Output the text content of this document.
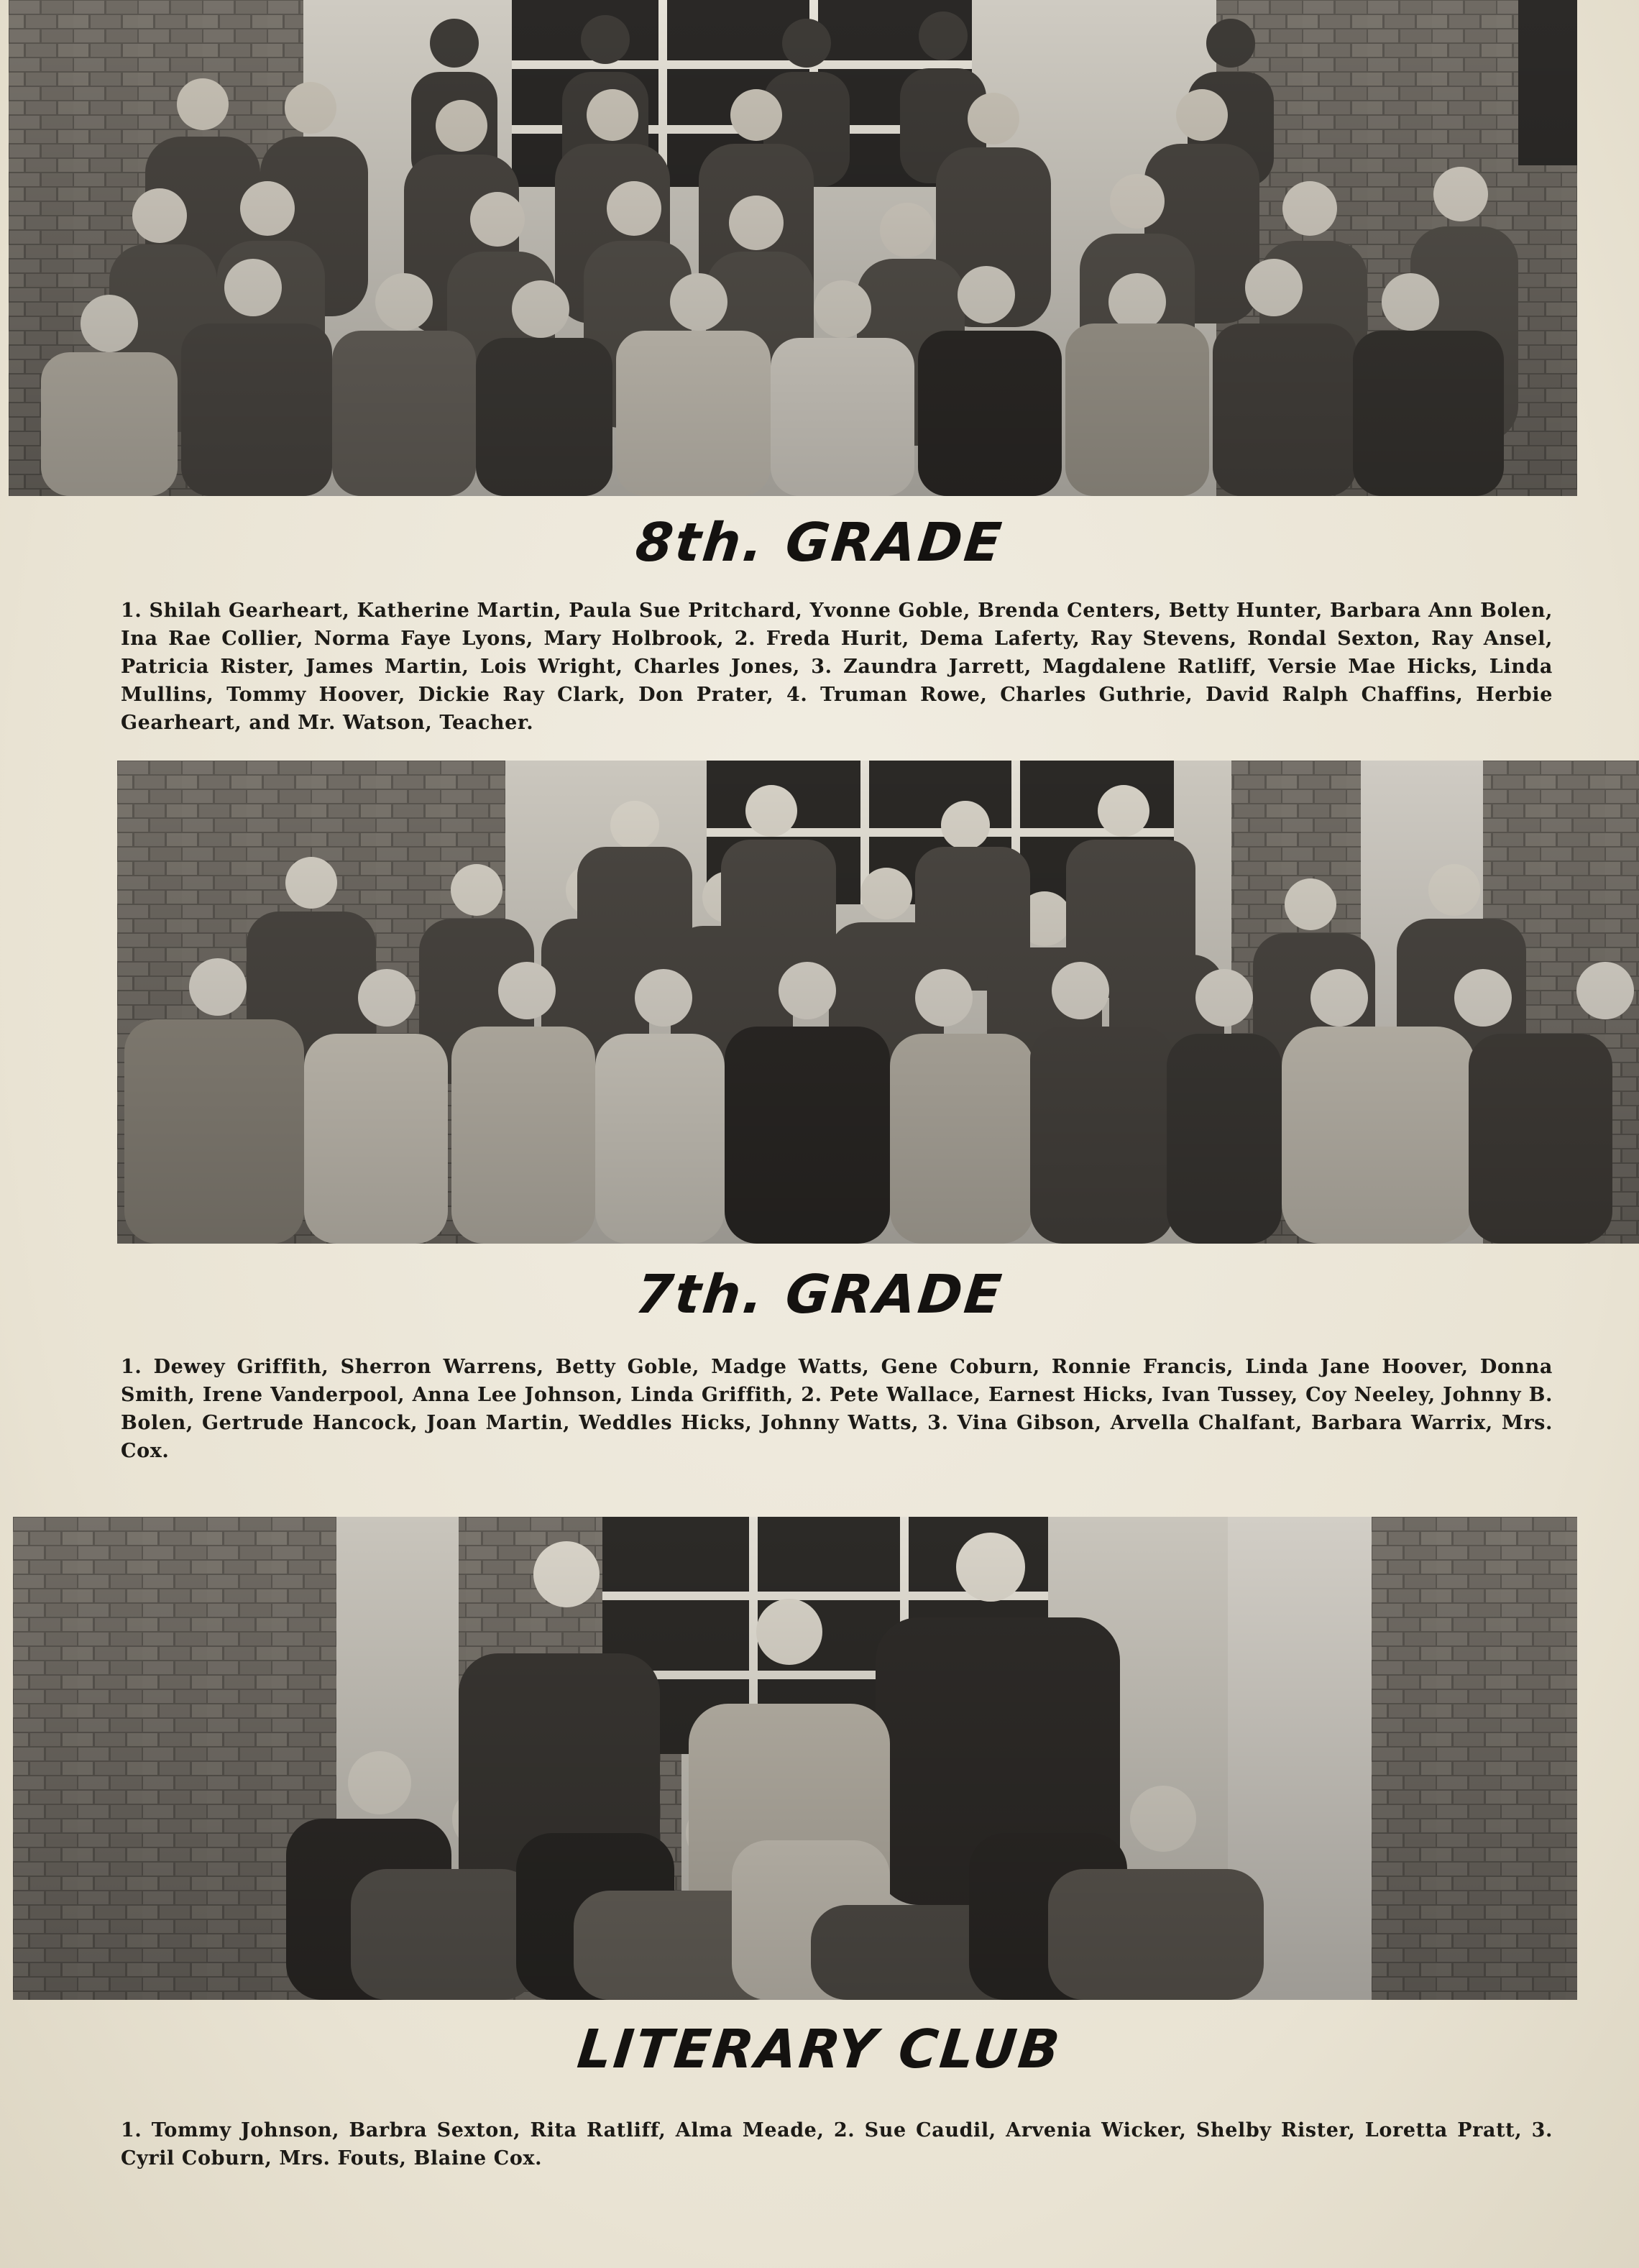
8th. GRADE
1. Shilah Gearheart, Katherine Martin, Paula Sue Pritchard, Yvonne Goble, Brenda Centers, Betty Hunter, Barbara Ann Bolen, Ina Rae Collier, Norma Faye Lyons, Mary Holbrook, 2. Freda Hurit, Dema Laferty, Ray Stevens, Rondal Sexton, Ray Ansel, Patricia Rister, James Martin, Lois Wright, Charles Jones, 3. Zaundra Jarrett, Magdalene Ratliff, Versie Mae Hicks, Linda Mullins, Tommy Hoover, Dickie Ray Clark, Don Prater, 4. Truman Rowe, Charles Guthrie, David Ralph Chaffins, Herbie Gearheart, and Mr. Watson, Teacher.
7th. GRADE
1. Dewey Griffith, Sherron Warrens, Betty Goble, Madge Watts, Gene Coburn, Ronnie Francis, Linda Jane Hoover, Donna Smith, Irene Vanderpool, Anna Lee Johnson, Linda Griffith, 2. Pete Wallace, Earnest Hicks, Ivan Tussey, Coy Neeley, Johnny B. Bolen, Gertrude Hancock, Joan Martin, Weddles Hicks, Johnny Watts, 3. Vina Gibson, Arvella Chalfant, Barbara Warrix, Mrs. Cox.
LITERARY CLUB
1. Tommy Johnson, Barbra Sexton, Rita Ratliff, Alma Meade, 2. Sue Caudil, Arvenia Wicker, Shelby Rister, Loretta Pratt, 3. Cyril Coburn, Mrs. Fouts, Blaine Cox.
